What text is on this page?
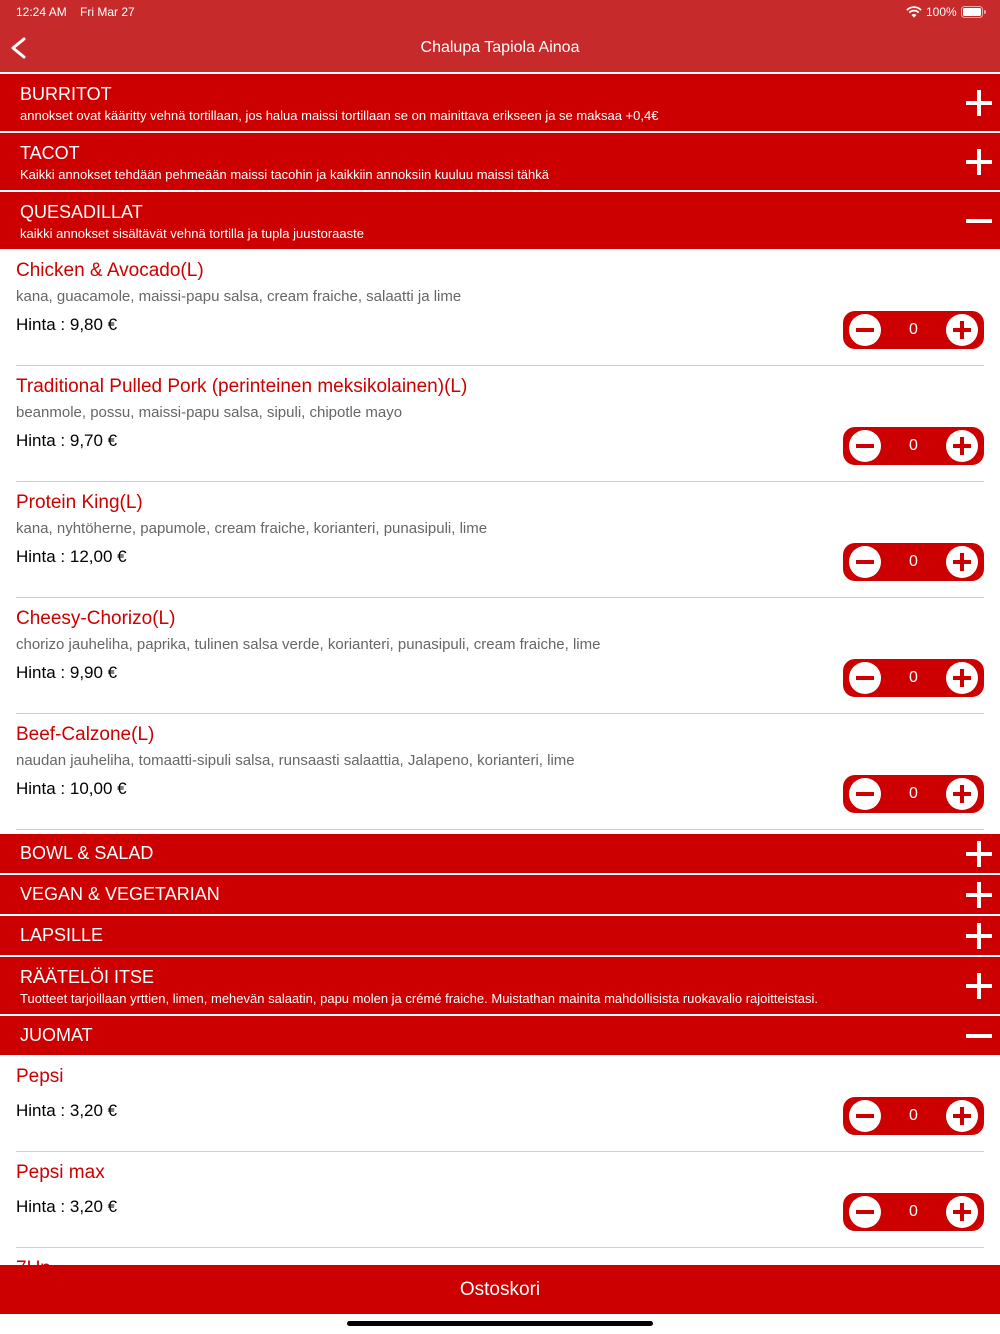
12:24 AM Fri Mar 27	100%
Chalupa Tapiola Ainoa
BURRITOT
annokset ovat kääritty vehnä tortillaan, jos halua maissi tortillaan se on mainittava erikseen ja se maksaa +0,4€
TACOT
Kaikki annokset tehdään pehmeään maissi tacohin ja kaikkiin annoksiin kuuluu maissi tähkä
QUESADILLAT
kaikki annokset sisältävät vehnä tortilla ja tupla juustoraaste
Chicken & Avocado(L)
kana, guacamole, maissi-papu salsa, cream fraiche, salaatti ja lime
Hinta : 9,80 €	0
Traditional Pulled Pork (perinteinen meksikolainen)(L)
beanmole, possu, maissi-papu salsa, sipuli, chipotle mayo
Hinta : 9,70 €	0
Protein King(L)
kana, nyhtöherne, papumole, cream fraiche, korianteri, punasipuli, lime
Hinta : 12,00 €	0
Cheesy-Chorizo(L)
chorizo jauheliha, paprika, tulinen salsa verde, korianteri, punasipuli, cream fraiche, lime
Hinta : 9,90 €	0
Beef-Calzone(L)
naudan jauheliha, tomaatti-sipuli salsa, runsaasti salaattia, Jalapeno, korianteri, lime
Hinta : 10,00 €	0
BOWL & SALAD
VEGAN & VEGETARIAN
LAPSILLE
RÄÄTELÖI ITSE
Tuotteet tarjoillaan yrttien, limen, mehevän salaatin, papu molen ja crémé fraiche. Muistathan mainita mahdollisista ruokavalio rajoitteistasi.
JUOMAT
Pepsi
Hinta : 3,20 €	0
Pepsi max
Hinta : 3,20 €	0
Ostoskori
